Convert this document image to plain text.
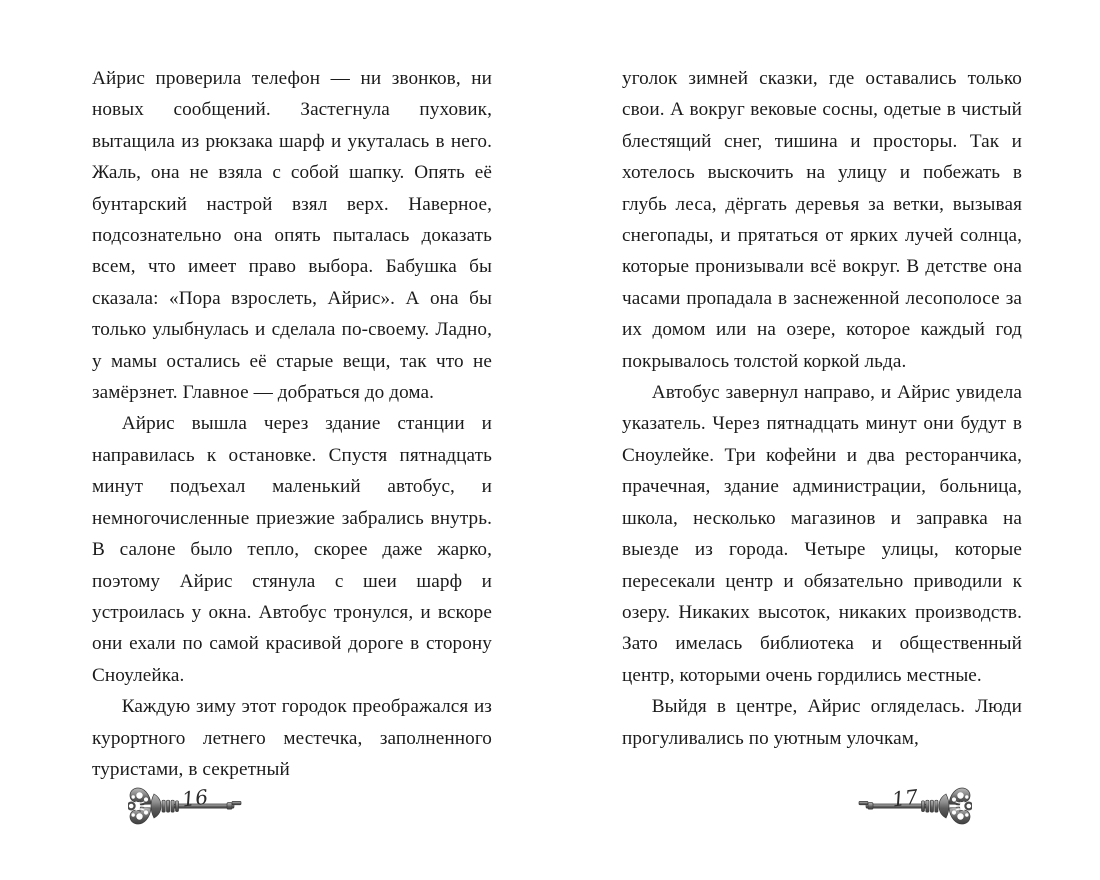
Айрис проверила телефон — ни звонков, ни новых сообщений. Застегнула пуховик, вытащила из рюкзака шарф и укуталась в него. Жаль, она не взяла с собой шапку. Опять её бунтарский настрой взял верх. Наверное, подсознательно она опять пыталась доказать всем, что имеет право выбора. Бабушка бы сказала: «Пора взрослеть, Айрис». А она бы только улыбнулась и сделала по-своему. Ладно, у мамы остались её старые вещи, так что не замёрзнет. Главное — добраться до дома.

Айрис вышла через здание станции и направилась к остановке. Спустя пятнадцать минут подъехал маленький автобус, и немногочисленные приезжие забрались внутрь. В салоне было тепло, скорее даже жарко, поэтому Айрис стянула с шеи шарф и устроилась у окна. Автобус тронулся, и вскоре они ехали по самой красивой дороге в сторону Сноулейка.

Каждую зиму этот городок преображался из курортного летнего местечка, заполненного туристами, в секретный

16

уголок зимней сказки, где оставались только свои. А вокруг вековые сосны, одетые в чистый блестящий снег, тишина и просторы. Так и хотелось выскочить на улицу и побежать в глубь леса, дёргать деревья за ветки, вызывая снегопады, и прятаться от ярких лучей солнца, которые пронизывали всё вокруг. В детстве она часами пропадала в заснеженной лесополосе за их домом или на озере, которое каждый год покрывалось толстой коркой льда.

Автобус завернул направо, и Айрис увидела указатель. Через пятнадцать минут они будут в Сноулейке. Три кофейни и два ресторанчика, прачечная, здание администрации, больница, школа, несколько магазинов и заправка на выезде из города. Четыре улицы, которые пересекали центр и обязательно приводили к озеру. Никаких высоток, никаких производств. Зато имелась библиотека и общественный центр, которыми очень гордились местные.

Выйдя в центре, Айрис огляделась. Люди прогуливались по уютным улочкам,

17
